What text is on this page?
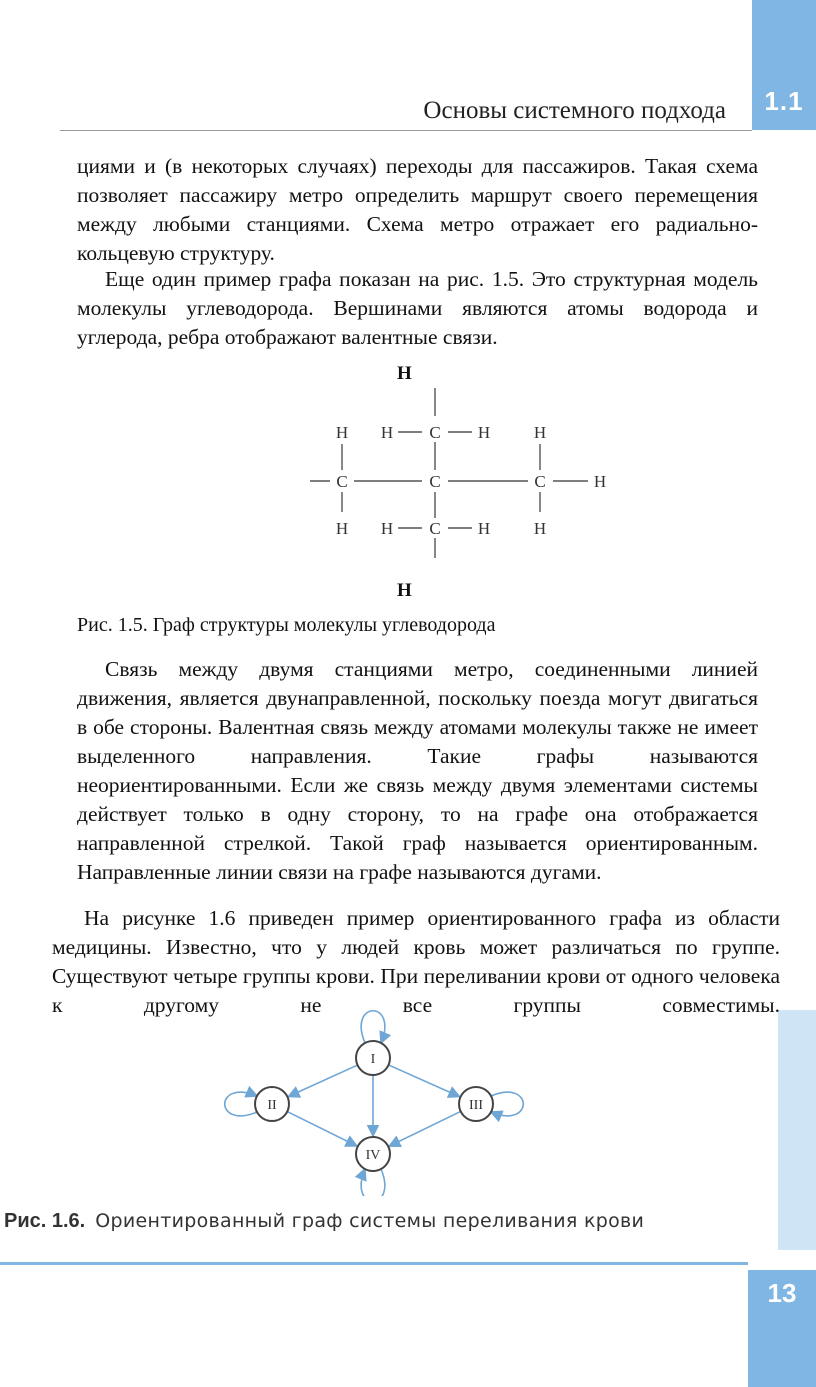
1.1
Основы системного подхода
13

циями и (в некоторых случаях) переходы для пассажиров. Такая схема позволяет пассажиру метро определить маршрут своего перемещения между любыми станциями. Схема метро отражает его радиально-кольцевую структуру.

Еще один пример графа показан на рис. 1.5. Это структурная модель молекулы углеводорода. Вершинами являются атомы водорода и углерода, ребра отображают валентные связи.

H
H H C H	H
C	C	C	H
H H C H	H
H
Рис. 1.5. Граф структуры молекулы углеводорода

Связь между двумя станциями метро, соединенными линией движения, является двунаправленной, поскольку поезда могут двигаться в обе стороны. Валентная связь между атомами молекулы также не имеет выделенного направления. Такие графы называются неориентированными. Если же связь между двумя элементами системы действует только в одну сторону, то на графе она отображается направленной стрелкой. Такой граф называется ориентированным. Направленные линии связи на графе называются дугами.

На рисунке 1.6 приведен пример ориентированного графа из области медицины. Известно, что у людей кровь может различаться по группе. Существуют четыре группы крови. При переливании крови от одного человека к другому не все группы совместимы.

I
II	III
IV
Рис. 1.6. Ориентированный граф системы переливания крови
